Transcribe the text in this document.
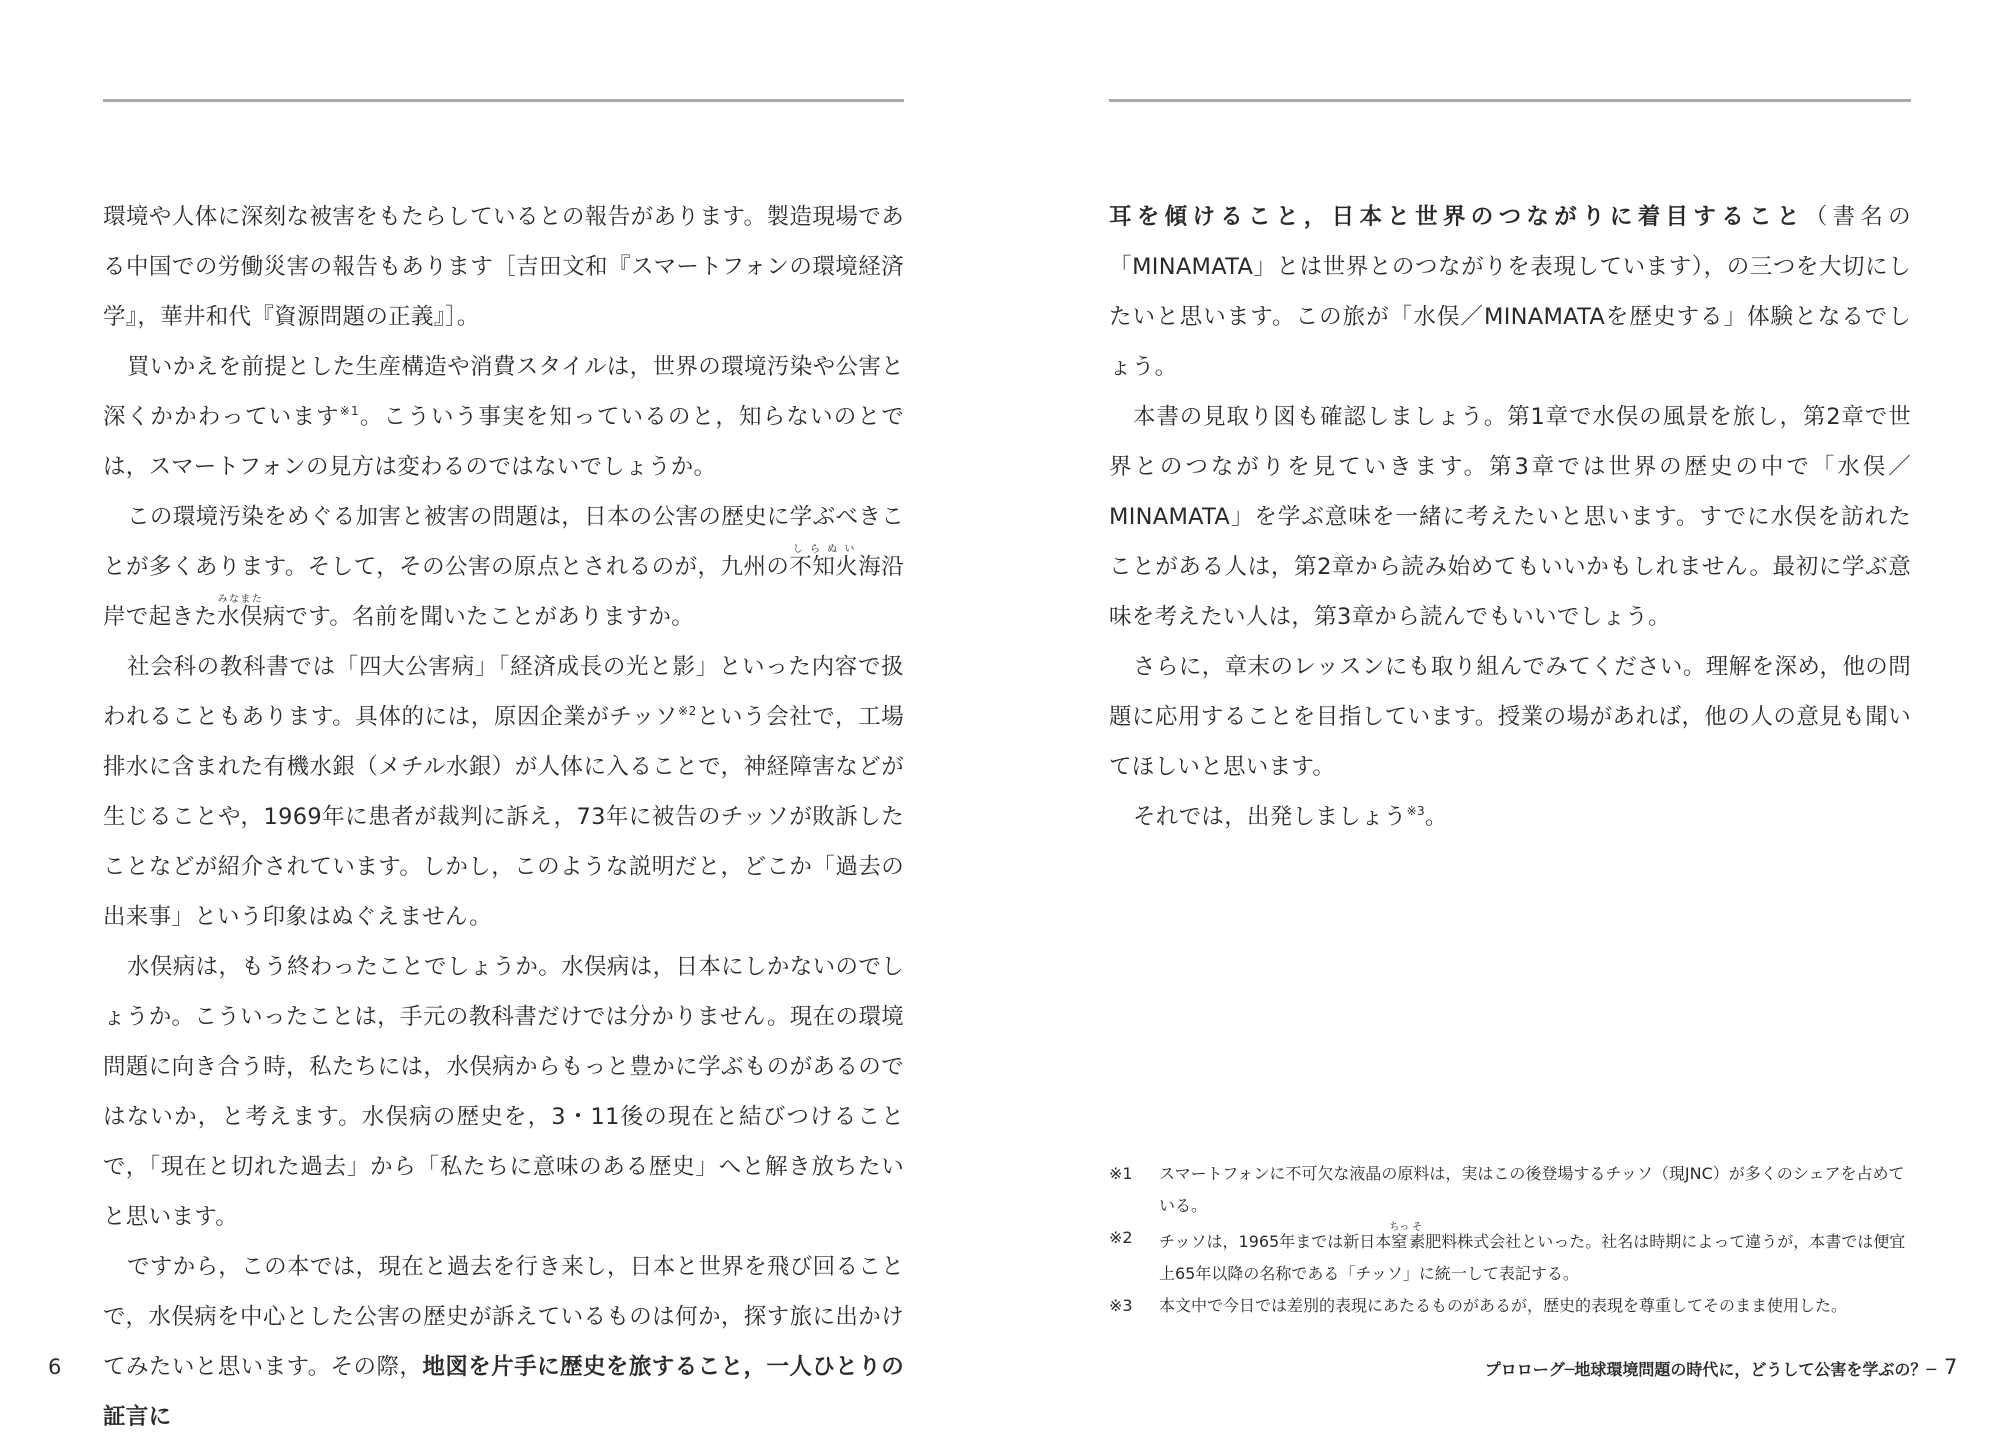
環境や人体に深刻な被害をもたらしているとの報告があります。製造現場である中国での労働災害の報告もあります［吉田文和『スマートフォンの環境経済学』，華井和代『資源問題の正義』］。

買いかえを前提とした生産構造や消費スタイルは，世界の環境汚染や公害と深くかかわっています$^{※1}$。こういう事実を知っているのと，知らないのとでは，スマートフォンの見方は変わるのではないでしょうか。

この環境汚染をめぐる加害と被害の問題は，日本の公害の歴史に学ぶべきことが多くあります。そして，その公害の原点とされるのが，九州の不知火しらぬい海沿岸で起きた水俣みなまた病です。名前を聞いたことがありますか。

社会科の教科書では「四大公害病」「経済成長の光と影」といった内容で扱われることもあります。具体的には，原因企業がチッソ$^{※2}$という会社で，工場排水に含まれた有機水銀（メチル水銀）が人体に入ることで，神経障害などが生じることや，1969年に患者が裁判に訴え，73年に被告のチッソが敗訴したことなどが紹介されています。しかし，このような説明だと，どこか「過去の出来事」という印象はぬぐえません。

水俣病は，もう終わったことでしょうか。水俣病は，日本にしかないのでしょうか。こういったことは，手元の教科書だけでは分かりません。現在の環境問題に向き合う時，私たちには，水俣病からもっと豊かに学ぶものがあるのではないか，と考えます。水俣病の歴史を，3・11後の現在と結びつけることで，「現在と切れた過去」から「私たちに意味のある歴史」へと解き放ちたいと思います。

ですから，この本では，現在と過去を行き来し，日本と世界を飛び回ることで，水俣病を中心とした公害の歴史が訴えているものは何か，探す旅に出かけてみたいと思います。その際，地図を片手に歴史を旅すること，一人ひとりの証言に

耳を傾けること，日本と世界のつながりに着目すること（書名の「MINAMATA」とは世界とのつながりを表現しています），の三つを大切にしたいと思います。この旅が「水俣／MINAMATAを歴史する」体験となるでしょう。

本書の見取り図も確認しましょう。第1章で水俣の風景を旅し，第2章で世界とのつながりを見ていきます。第3章では世界の歴史の中で「水俣／MINAMATA」を学ぶ意味を一緒に考えたいと思います。すでに水俣を訪れたことがある人は，第2章から読み始めてもいいかもしれません。最初に学ぶ意味を考えたい人は，第3章から読んでもいいでしょう。

さらに，章末のレッスンにも取り組んでみてください。理解を深め，他の問題に応用することを目指しています。授業の場があれば，他の人の意見も聞いてほしいと思います。

それでは，出発しましょう$^{※3}$。

※1	スマートフォンに不可欠な液晶の原料は，実はこの後登場するチッソ（現JNC）が多くのシェアを占めている。
※2	チッソは，1965年までは新日本窒ちっ素そ肥料株式会社といった。社名は時期によって違うが，本書では便宜上65年以降の名称である「チッソ」に統一して表記する。
※3	本文中で今日では差別的表現にあたるものがあるが，歴史的表現を尊重してそのまま使用した。
6	プロローグ─地球環境問題の時代に，どうして公害を学ぶの？─ 7
